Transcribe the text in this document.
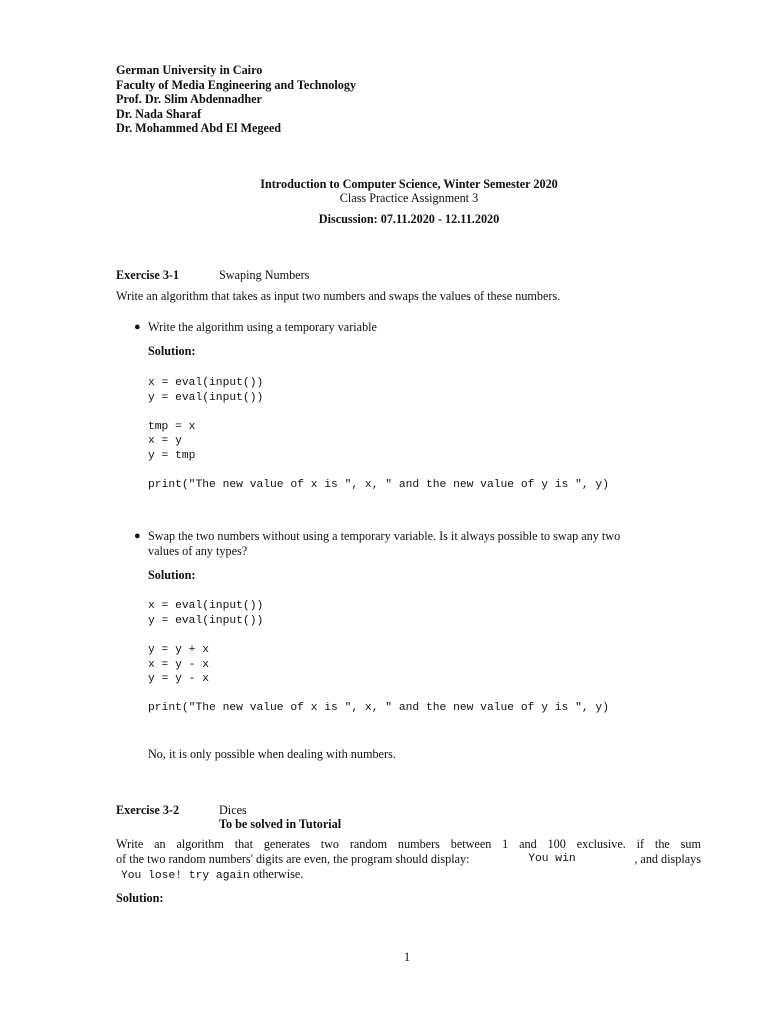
German University in Cairo
Faculty of Media Engineering and Technology
Prof. Dr. Slim Abdennadher
Dr. Nada Sharaf
Dr. Mohammed Abd El Megeed
Introduction to Computer Science, Winter Semester 2020
Class Practice Assignment 3
Discussion: 07.11.2020 - 12.11.2020
Exercise 3-1	Swaping Numbers
Write an algorithm that takes as input two numbers and swaps the values of these numbers.
● Write the algorithm using a temporary variable
Solution:
x = eval(input())
y = eval(input())
tmp = x
x = y
y = tmp
print("The new value of x is ", x, " and the new value of y is ", y)
● Swap the two numbers without using a temporary variable. Is it always possible to swap any two
values of any types?
Solution:
x = eval(input())
y = eval(input())
y = y + x
x = y - x
y = y - x
print("The new value of x is ", x, " and the new value of y is ", y)
No, it is only possible when dealing with numbers.
Exercise 3-2	Dices
To be solved in Tutorial
Write an algorithm that generates two random numbers between 1 and 100 exclusive. if the sum
of the two random numbers' digits are even, the program should display:	You win	, and displays
You lose! try again otherwise.
Solution:
1
